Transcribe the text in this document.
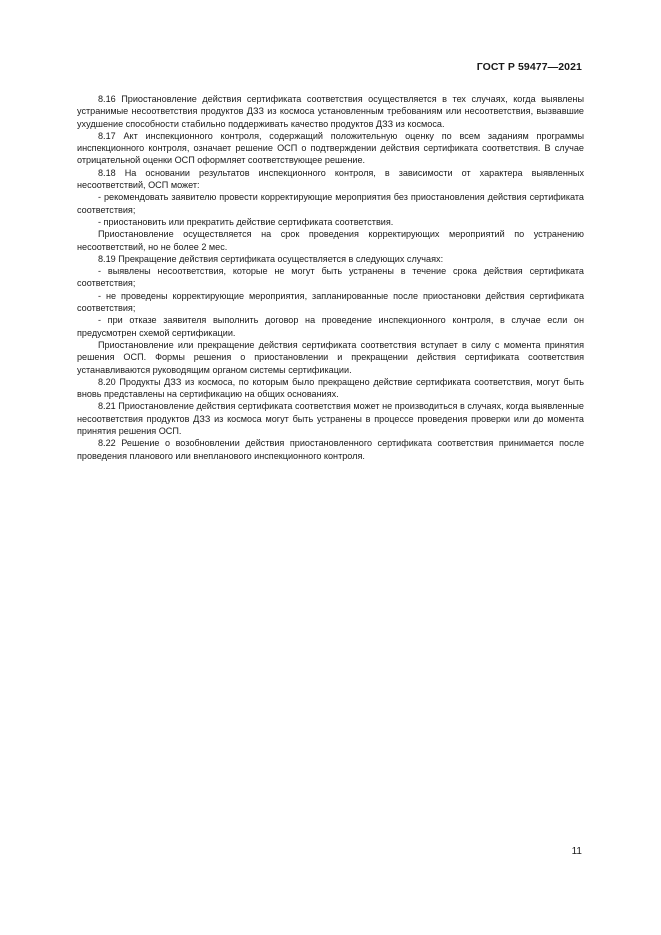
ГОСТ Р 59477—2021

8.16 Приостановление действия сертификата соответствия осуществляется в тех случаях, когда выявлены устранимые несоответствия продуктов ДЗЗ из космоса установленным требованиям или несоответствия, вызвавшие ухудшение способности стабильно поддерживать качество продуктов ДЗЗ из космоса.

8.17 Акт инспекционного контроля, содержащий положительную оценку по всем заданиям программы инспекционного контроля, означает решение ОСП о подтверждении действия сертификата соответствия. В случае отрицательной оценки ОСП оформляет соответствующее решение.

8.18 На основании результатов инспекционного контроля, в зависимости от характера выявленных несоответствий, ОСП может:

- рекомендовать заявителю провести корректирующие мероприятия без приостановления действия сертификата соответствия;

- приостановить или прекратить действие сертификата соответствия.

Приостановление осуществляется на срок проведения корректирующих мероприятий по устранению несоответствий, но не более 2 мес.

8.19 Прекращение действия сертификата осуществляется в следующих случаях:

- выявлены несоответствия, которые не могут быть устранены в течение срока действия сертификата соответствия;

- не проведены корректирующие мероприятия, запланированные после приостановки действия сертификата соответствия;

- при отказе заявителя выполнить договор на проведение инспекционного контроля, в случае если он предусмотрен схемой сертификации.

Приостановление или прекращение действия сертификата соответствия вступает в силу с момента принятия решения ОСП. Формы решения о приостановлении и прекращении действия сертификата соответствия устанавливаются руководящим органом системы сертификации.

8.20 Продукты ДЗЗ из космоса, по которым было прекращено действие сертификата соответствия, могут быть вновь представлены на сертификацию на общих основаниях.

8.21 Приостановление действия сертификата соответствия может не производиться в случаях, когда выявленные несоответствия продуктов ДЗЗ из космоса могут быть устранены в процессе проведения проверки или до момента принятия решения ОСП.

8.22 Решение о возобновлении действия приостановленного сертификата соответствия принимается после проведения планового или внепланового инспекционного контроля.

11
